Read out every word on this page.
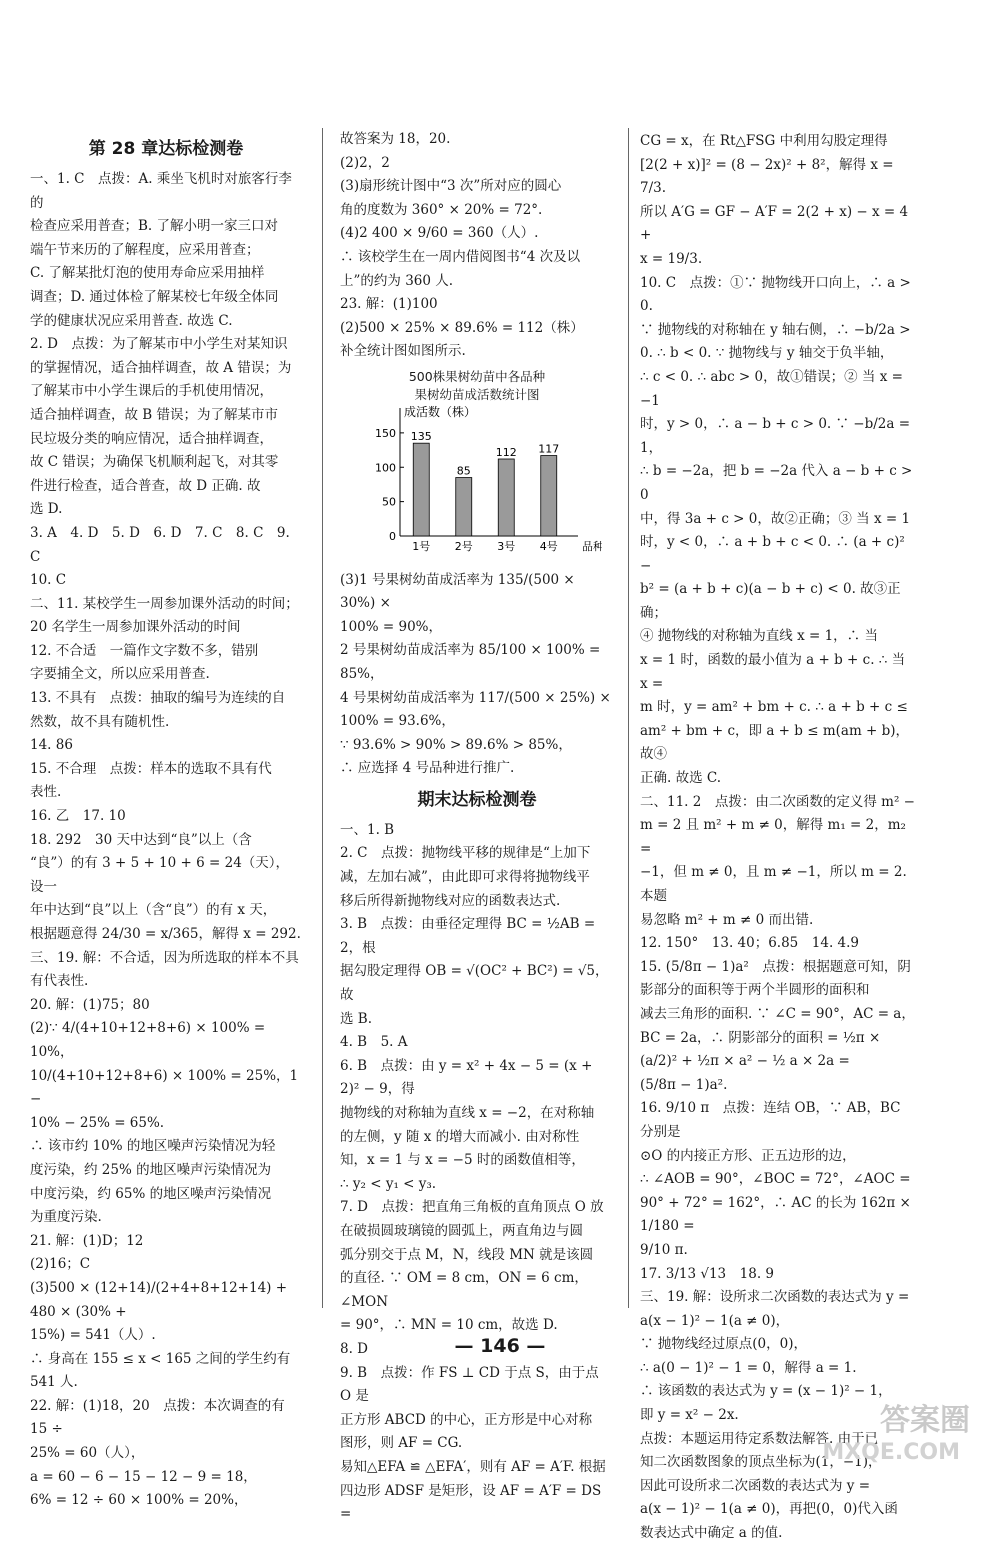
第 28 章达标检测卷

一、1. C　点拨：A. 乘坐飞机时对旅客行李的

检查应采用普查；B. 了解小明一家三口对

端午节来历的了解程度，应采用普查；

C. 了解某批灯泡的使用寿命应采用抽样

调查；D. 通过体检了解某校七年级全体同

学的健康状况应采用普查. 故选 C.

2. D　点拨：为了解某市中小学生对某知识

的掌握情况，适合抽样调查，故 A 错误；为

了解某市中小学生课后的手机使用情况，

适合抽样调查，故 B 错误；为了解某市市

民垃圾分类的响应情况，适合抽样调查，

故 C 错误；为确保飞机顺利起飞，对其零

件进行检查，适合普查，故 D 正确. 故

选 D.

3. A　4. D　5. D　6. D　7. C　8. C　9. C

10. C

二、11. 某校学生一周参加课外活动的时间；

20 名学生一周参加课外活动的时间

12. 不合适　一篇作文字数不多，错别

字要捕全文，所以应采用普查.

13. 不具有　点拨：抽取的编号为连续的自

然数，故不具有随机性.

14. 86

15. 不合理　点拨：样本的选取不具有代

表性.

16. 乙　17. 10

18. 292　30 天中达到“良”以上（含

“良”）的有 3 + 5 + 10 + 6 = 24（天），设一

年中达到“良”以上（含“良”）的有 x 天，

根据题意得 24/30 = x/365，解得 x = 292.

三、19. 解：不合适，因为所选取的样本不具

有代表性.

20. 解：(1)75；80

(2)∵ 4/(4+10+12+8+6) × 100% = 10%，

10/(4+10+12+8+6) × 100% = 25%，1 −

10% − 25% = 65%.

∴ 该市约 10% 的地区噪声污染情况为轻

度污染，约 25% 的地区噪声污染情况为

中度污染，约 65% 的地区噪声污染情况

为重度污染.

21. 解：(1)D；12

(2)16；C

(3)500 × (12+14)/(2+4+8+12+14) + 480 × (30% +

15%) = 541（人）.

∴ 身高在 155 ≤ x < 165 之间的学生约有

541 人.

22. 解：(1)18，20　点拨：本次调查的有 15 ÷

25% = 60（人），

a = 60 − 6 − 15 − 12 − 9 = 18，

6% = 12 ÷ 60 × 100% = 20%，

故答案为 18，20.

(2)2，2

(3)扇形统计图中“3 次”所对应的圆心

角的度数为 360° × 20% = 72°.

(4)2 400 × 9/60 = 360（人）.

∴ 该校学生在一周内借阅图书“4 次及以

上”的约为 360 人.

23. 解：(1)100

(2)500 × 25% × 89.6% = 112（株）

补全统计图如图所示.

500株果树幼苗中各品种
果树幼苗成活数统计图
成活数（株）
0
50
100
150 135
1号
85
2号
112
3号
117
4号 品种

(3)1 号果树幼苗成活率为 135/(500 × 30%) ×

100% = 90%，

2 号果树幼苗成活率为 85/100 × 100% = 85%，

4 号果树幼苗成活率为 117/(500 × 25%) ×

100% = 93.6%，

∵ 93.6% > 90% > 89.6% > 85%，

∴ 应选择 4 号品种进行推广.

期末达标检测卷

一、1. B

2. C　点拨：抛物线平移的规律是“上加下

减，左加右减”，由此即可求得将抛物线平

移后所得新抛物线对应的函数表达式.

3. B　点拨：由垂径定理得 BC = ½AB = 2，根

据勾股定理得 OB = √(OC² + BC²) = √5，故

选 B.

4. B　5. A

6. B　点拨：由 y = x² + 4x − 5 = (x + 2)² − 9，得

抛物线的对称轴为直线 x = −2，在对称轴

的左侧，y 随 x 的增大而减小. 由对称性

知，x = 1 与 x = −5 时的函数值相等，

∴ y₂ < y₁ < y₃.

7. D　点拨：把直角三角板的直角顶点 O 放

在破损圆玻璃镜的圆弧上，两直角边与圆

弧分别交于点 M，N，线段 MN 就是该圆

的直径. ∵ OM = 8 cm，ON = 6 cm，∠MON

= 90°，∴ MN = 10 cm，故选 D.

8. D

9. B　点拨：作 FS ⊥ CD 于点 S，由于点 O 是

正方形 ABCD 的中心，正方形是中心对称

图形，则 AF = CG.

易知△EFA ≌ △EFA′，则有 AF = A′F. 根据

四边形 ADSF 是矩形，设 AF = A′F = DS =

CG = x，在 Rt△FSG 中利用勾股定理得

[2(2 + x)]² = (8 − 2x)² + 8²，解得 x = 7/3.

所以 A′G = GF − A′F = 2(2 + x) − x = 4 +

x = 19/3.

10. C　点拨：①∵ 抛物线开口向上，∴ a > 0.

∵ 抛物线的对称轴在 y 轴右侧，∴ −b/2a >

0. ∴ b < 0. ∵ 抛物线与 y 轴交于负半轴，

∴ c < 0. ∴ abc > 0，故①错误；② 当 x = −1

时，y > 0，∴ a − b + c > 0. ∵ −b/2a = 1，

∴ b = −2a，把 b = −2a 代入 a − b + c > 0

中，得 3a + c > 0，故②正确；③ 当 x = 1

时，y < 0，∴ a + b + c < 0. ∴ (a + c)² −

b² = (a + b + c)(a − b + c) < 0. 故③正确；

④ 抛物线的对称轴为直线 x = 1，∴ 当

x = 1 时，函数的最小值为 a + b + c. ∴ 当 x =

m 时，y = am² + bm + c. ∴ a + b + c ≤

am² + bm + c，即 a + b ≤ m(am + b)，故④

正确. 故选 C.

二、11. 2　点拨：由二次函数的定义得 m² −

m = 2 且 m² + m ≠ 0，解得 m₁ = 2，m₂ =

−1，但 m ≠ 0，且 m ≠ −1，所以 m = 2. 本题

易忽略 m² + m ≠ 0 而出错.

12. 150°　13. 40；6.85　14. 4.9

15. (5/8π − 1)a²　点拨：根据题意可知，阴

影部分的面积等于两个半圆形的面积和

减去三角形的面积. ∵ ∠C = 90°，AC = a，

BC = 2a，∴ 阴影部分的面积 = ½π ×

(a/2)² + ½π × a² − ½ a × 2a =

(5/8π − 1)a².

16. 9/10 π　点拨：连结 OB，∵ AB，BC 分别是

⊙O 的内接正方形、正五边形的边，

∴ ∠AOB = 90°，∠BOC = 72°，∠AOC =

90° + 72° = 162°，∴ AC 的长为 162π × 1/180 =

9/10 π.

17. 3/13 √13　18. 9

三、19. 解：设所求二次函数的表达式为 y =

a(x − 1)² − 1(a ≠ 0)，

∵ 抛物线经过原点(0，0)，

∴ a(0 − 1)² − 1 = 0，解得 a = 1.

∴ 该函数的表达式为 y = (x − 1)² − 1，

即 y = x² − 2x.

点拨：本题运用待定系数法解答. 由于已

知二次函数图象的顶点坐标为(1，−1)，

因此可设所求二次函数的表达式为 y =

a(x − 1)² − 1(a ≠ 0)，再把(0，0)代入函

数表达式中确定 a 的值.

— 146 —
答案圈
MXQE.COM
